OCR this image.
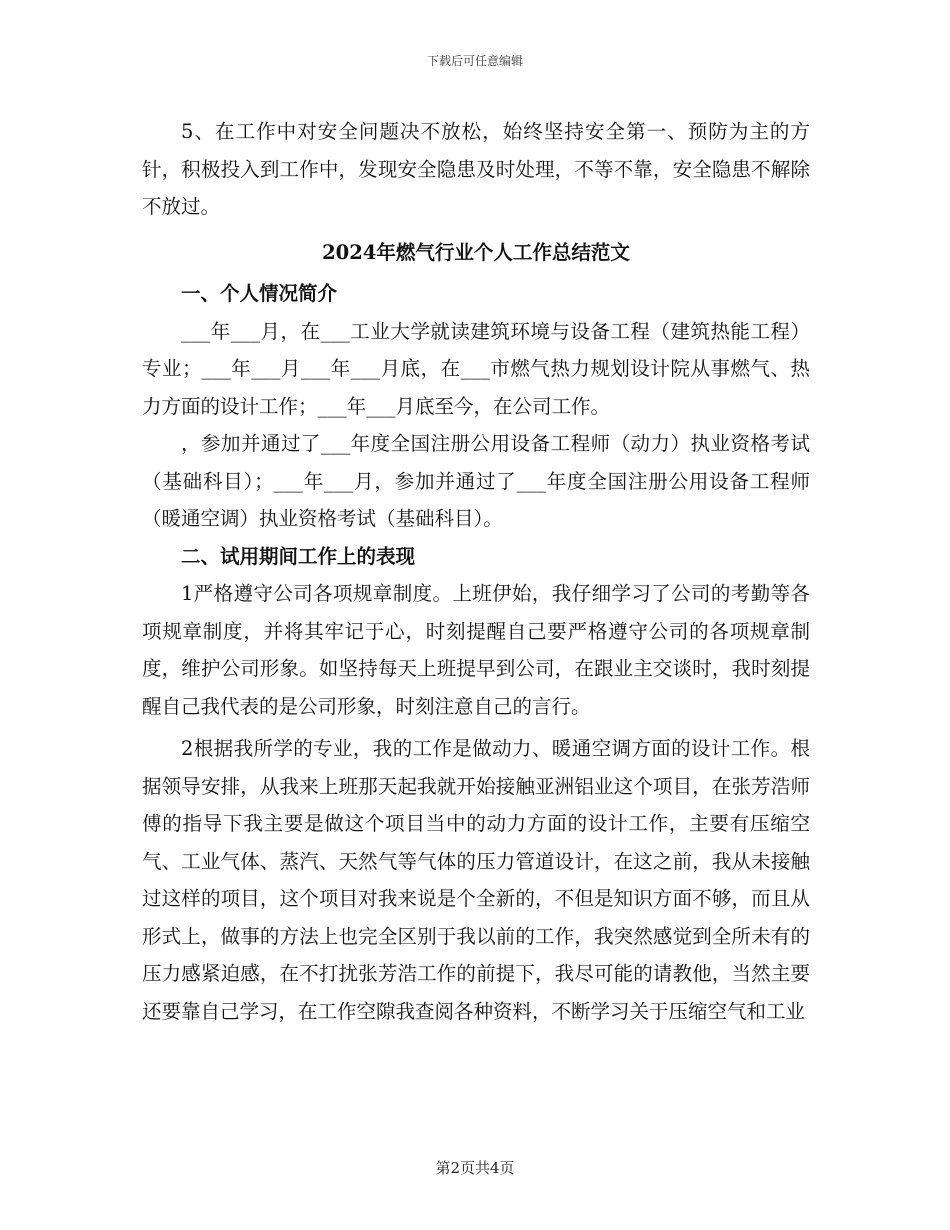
下载后可任意编辑

5、在工作中对安全问题决不放松，始终坚持安全第一、预防为主的方针，积极投入到工作中，发现安全隐患及时处理，不等不靠，安全隐患不解除不放过。

2024年燃气行业个人工作总结范文
一、个人情况简介

___年___月，在___工业大学就读建筑环境与设备工程（建筑热能工程）专业；___年___月___年___月底，在___市燃气热力规划设计院从事燃气、热力方面的设计工作；___年___月底至今，在公司工作。

，参加并通过了___年度全国注册公用设备工程师（动力）执业资格考试（基础科目）；___年___月，参加并通过了___年度全国注册公用设备工程师（暖通空调）执业资格考试（基础科目）。

二、试用期间工作上的表现

1严格遵守公司各项规章制度。上班伊始，我仔细学习了公司的考勤等各项规章制度，并将其牢记于心，时刻提醒自己要严格遵守公司的各项规章制度，维护公司形象。如坚持每天上班提早到公司，在跟业主交谈时，我时刻提醒自己我代表的是公司形象，时刻注意自己的言行。

2根据我所学的专业，我的工作是做动力、暖通空调方面的设计工作。根据领导安排，从我来上班那天起我就开始接触亚洲铝业这个项目，在张芳浩师傅的指导下我主要是做这个项目当中的动力方面的设计工作，主要有压缩空气、工业气体、蒸汽、天然气等气体的压力管道设计，在这之前，我从未接触过这样的项目，这个项目对我来说是个全新的，不但是知识方面不够，而且从形式上，做事的方法上也完全区别于我以前的工作，我突然感觉到全所未有的压力感紧迫感，在不打扰张芳浩工作的前提下，我尽可能的请教他，当然主要还要靠自己学习，在工作空隙我查阅各种资料，不断学习关于压缩空气和工业

第2页共4页
